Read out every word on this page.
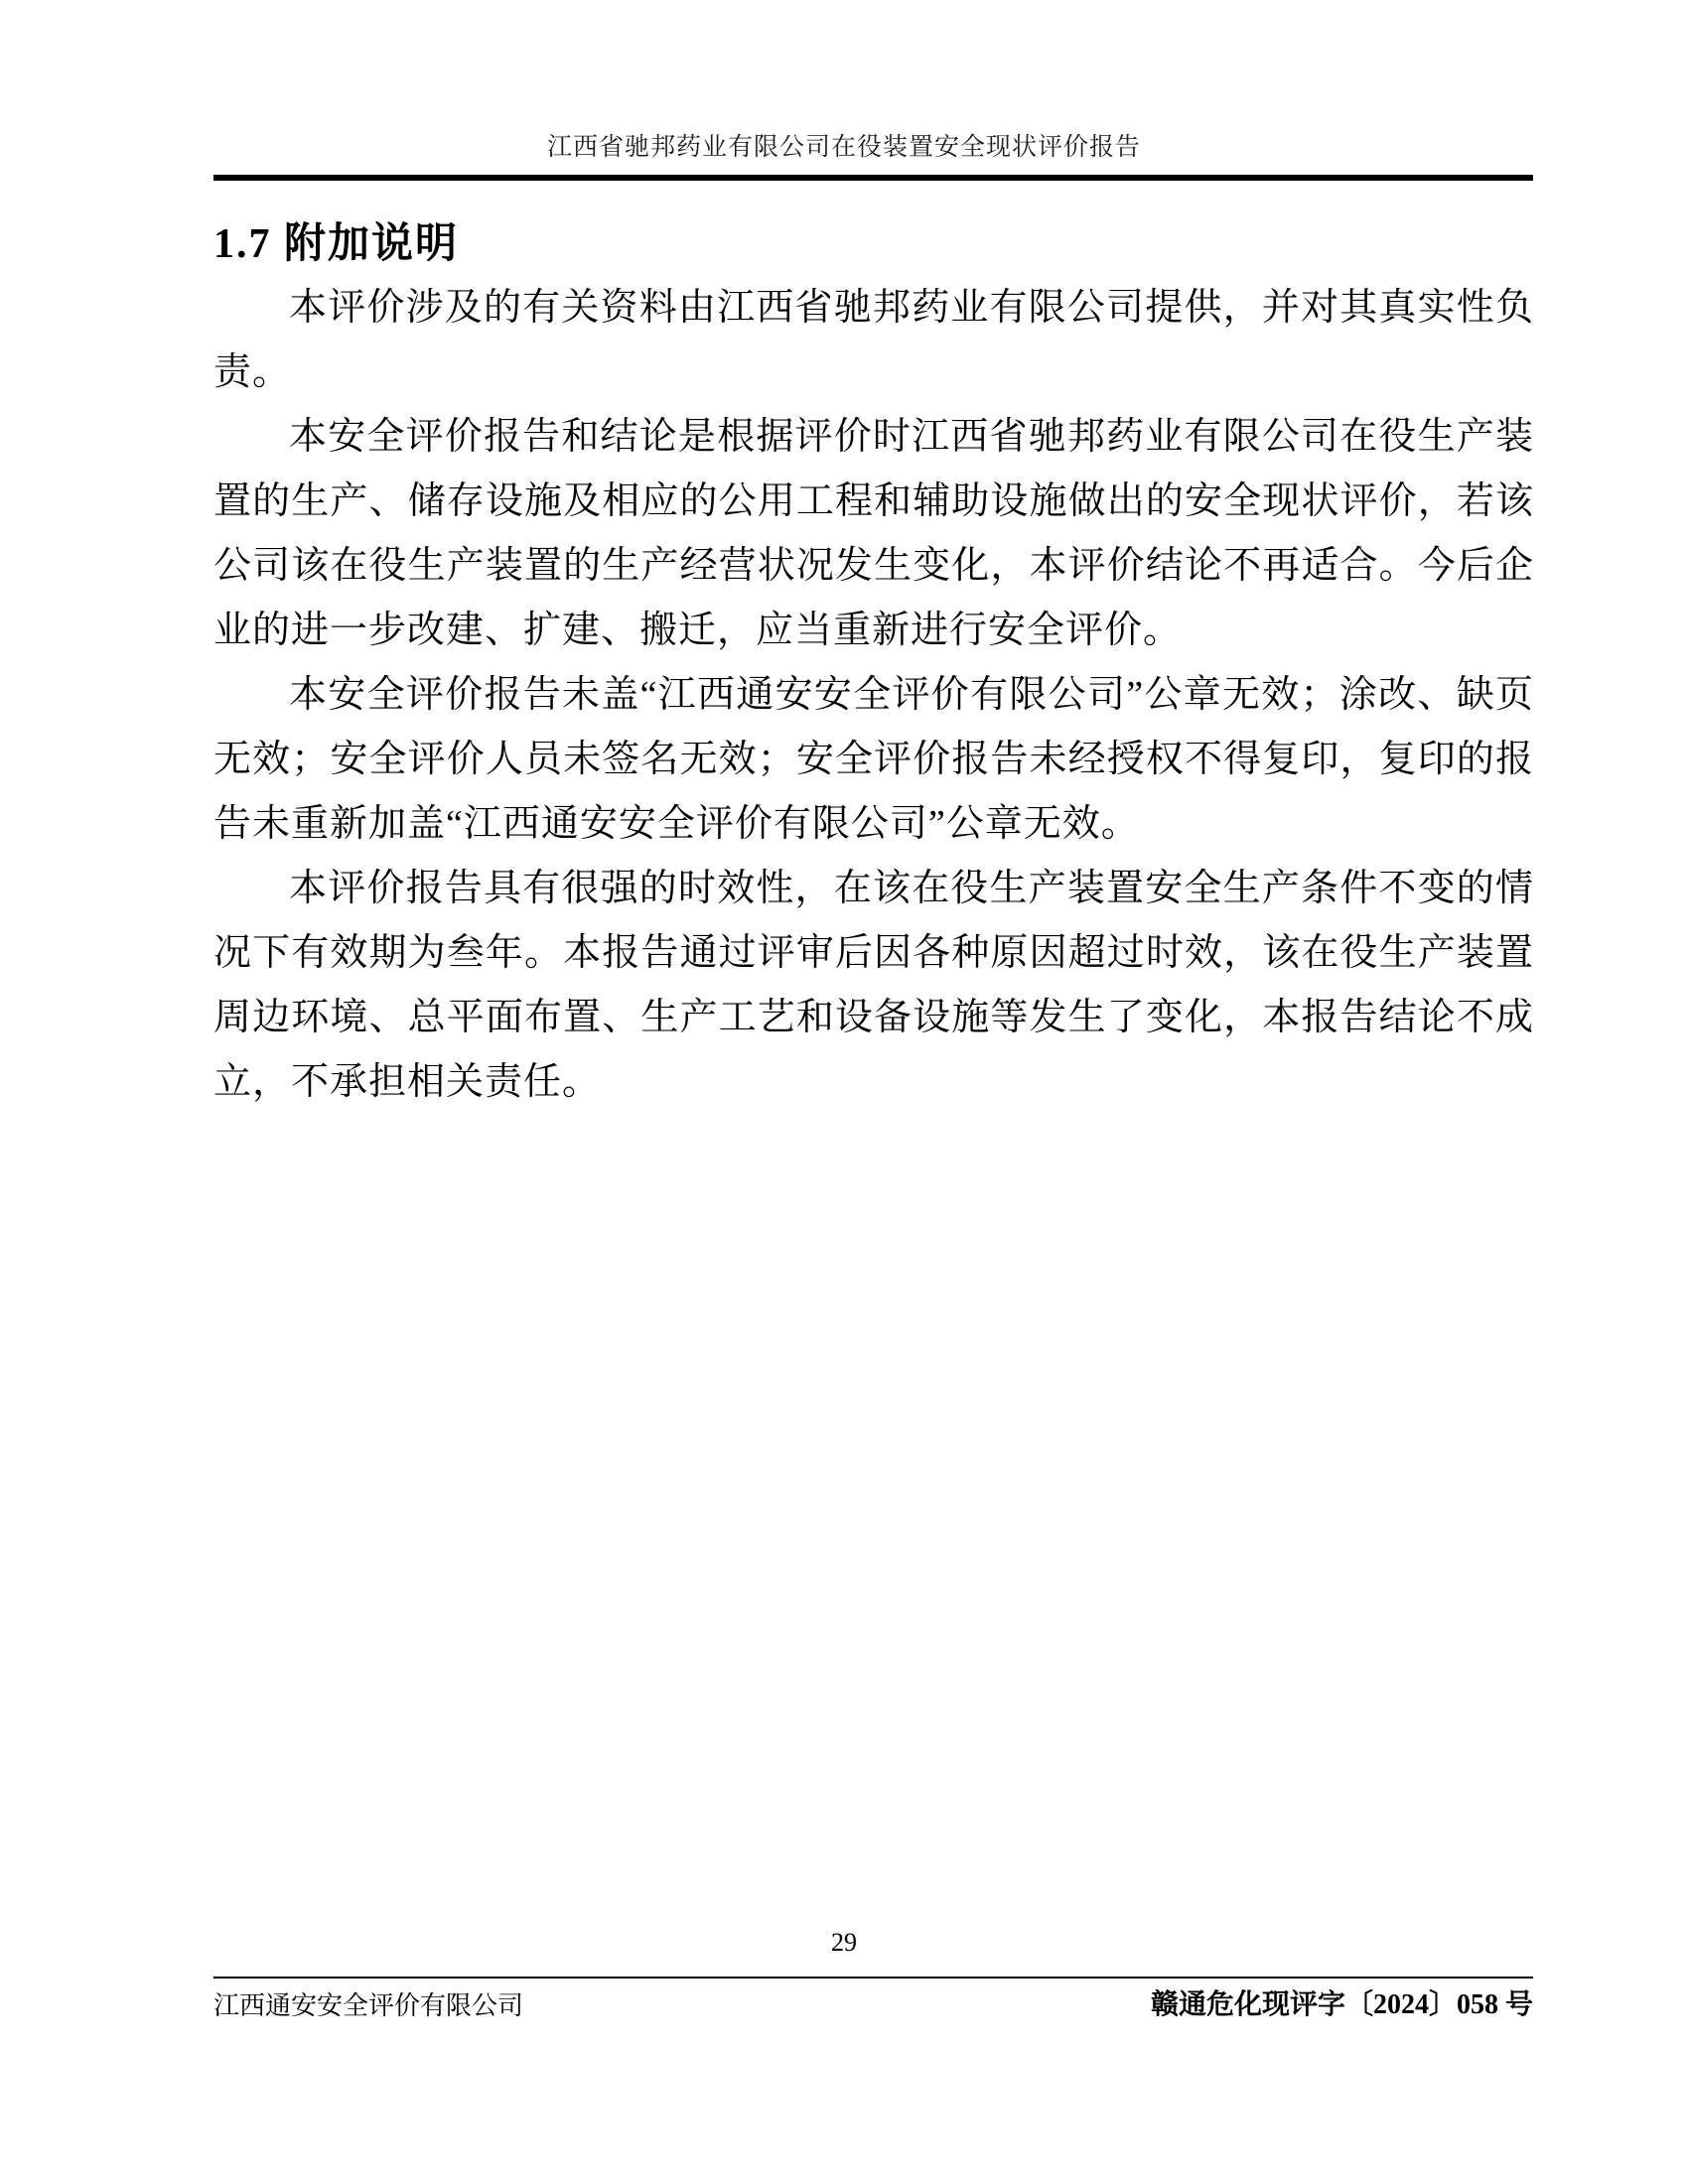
江西省驰邦药业有限公司在役装置安全现状评价报告
1.7 附加说明

本评价涉及的有关资料由江西省驰邦药业有限公司提供，并对其真实性负责。

本安全评价报告和结论是根据评价时江西省驰邦药业有限公司在役生产装置的生产、储存设施及相应的公用工程和辅助设施做出的安全现状评价，若该公司该在役生产装置的生产经营状况发生变化，本评价结论不再适合。今后企业的进一步改建、扩建、搬迁，应当重新进行安全评价。

本安全评价报告未盖“江西通安安全评价有限公司”公章无效；涂改、缺页无效；安全评价人员未签名无效；安全评价报告未经授权不得复印，复印的报告未重新加盖“江西通安安全评价有限公司”公章无效。

本评价报告具有很强的时效性，在该在役生产装置安全生产条件不变的情况下有效期为叁年。本报告通过评审后因各种原因超过时效，该在役生产装置周边环境、总平面布置、生产工艺和设备设施等发生了变化，本报告结论不成立，不承担相关责任。

29
江西通安安全评价有限公司	赣通危化现评字〔2024〕058 号
